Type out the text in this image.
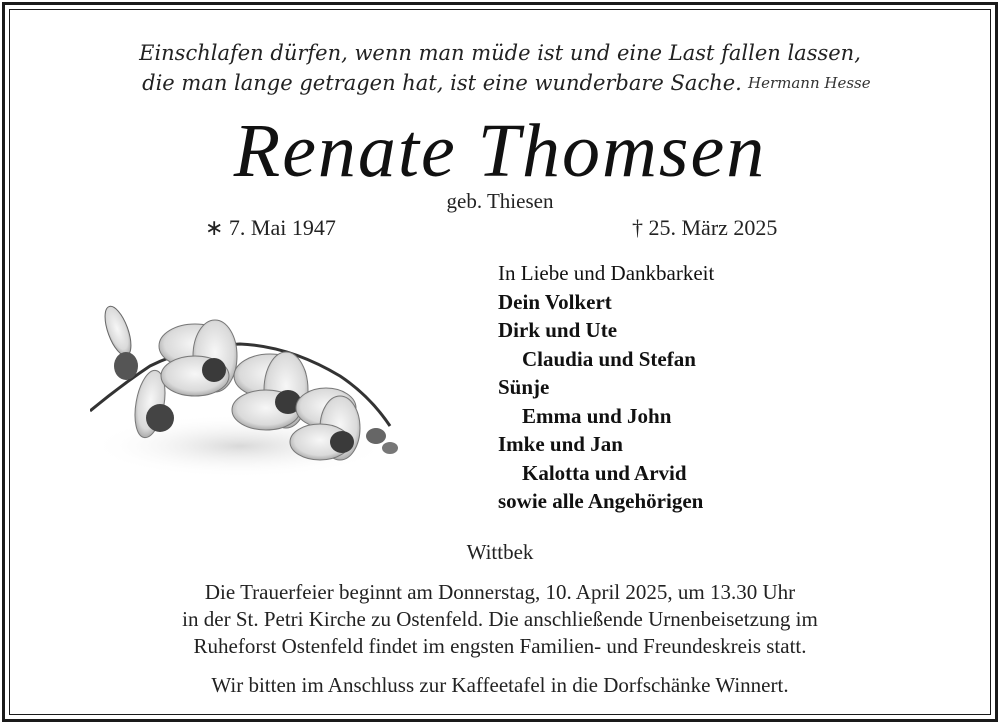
Einschlafen dürfen, wenn man müde ist und eine Last fallen lassen,
die man lange getragen hat, ist eine wunderbare Sache. Hermann Hesse
Renate Thomsen
geb. Thiesen
∗ 7. Mai 1947	† 25. März 2025
In Liebe und Dankbarkeit
Dein Volkert
Dirk und Ute
Claudia und Stefan
Sünje
Emma und John
Imke und Jan
Kalotta und Arvid
sowie alle Angehörigen
Wittbek
Die Trauerfeier beginnt am Donnerstag, 10. April 2025, um 13.30 Uhr
in der St. Petri Kirche zu Ostenfeld. Die anschließende Urnenbeisetzung im
Ruheforst Ostenfeld findet im engsten Familien- und Freundeskreis statt.
Wir bitten im Anschluss zur Kaffeetafel in die Dorfschänke Winnert.
